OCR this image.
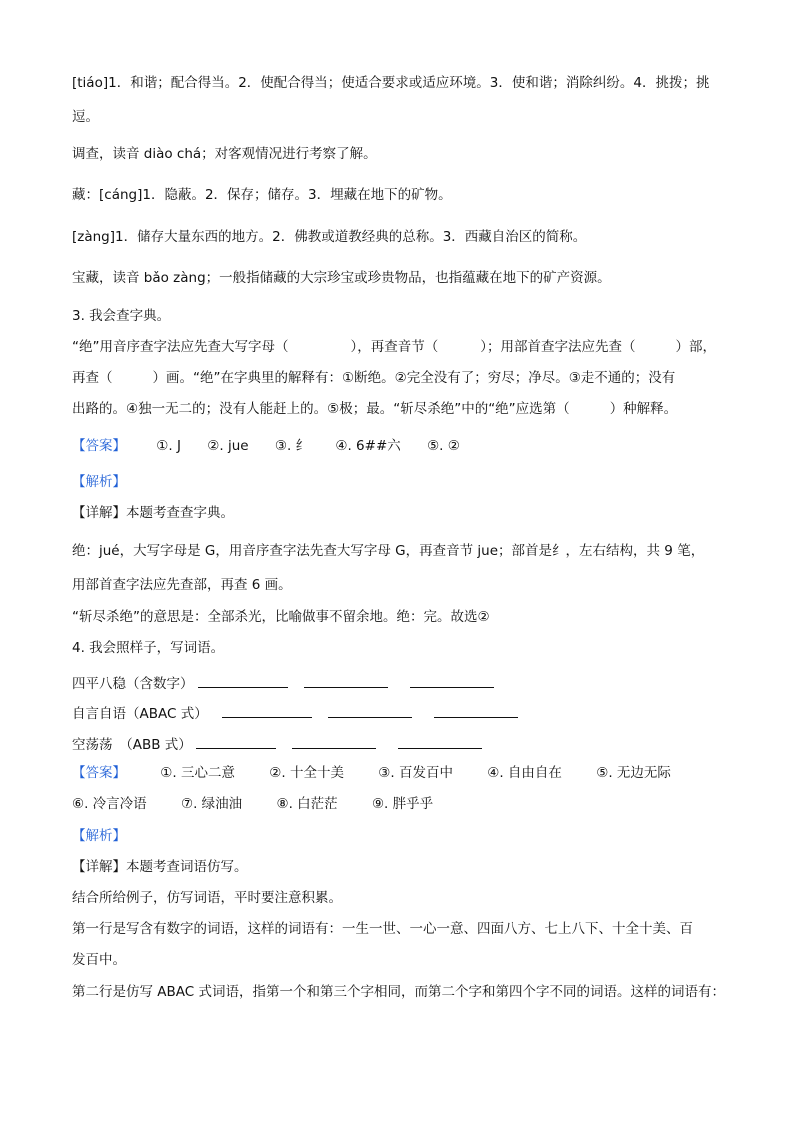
[tiáo]1．和谐；配合得当。2．使配合得当；使适合要求或适应环境。3．使和谐；消除纠纷。4．挑拨；挑
逗。
调查，读音 diào chá；对客观情况进行考察了解。
藏：[cáng]1．隐蔽。2．保存；储存。3．埋藏在地下的矿物。
[zàng]1．储存大量东西的地方。2．佛教或道教经典的总称。3．西藏自治区的简称。
宝藏，读音 bǎo zàng；一般指储藏的大宗珍宝或珍贵物品，也指蕴藏在地下的矿产资源。
3. 我会查字典。
“绝”用音序查字法应先查大写字母（	），再查音节（	）；用部首查字法应先查（	）部，
再查（	）画。“绝”在字典里的解释有：①断绝。②完全没有了；穷尽；净尽。③走不通的；没有
出路的。④独一无二的；没有人能赶上的。⑤极；最。“斩尽杀绝”中的“绝”应选第（	）种解释。
【答案】 ①. J ②. jue ③. 纟 ④. 6##六 ⑤. ②
【解析】
【详解】本题考查查字典。
绝：jué，大写字母是 G，用音序查字法先查大写字母 G，再查音节 jue；部首是纟，左右结构，共 9 笔，
用部首查字法应先查部，再查 6 画。
“斩尽杀绝”的意思是：全部杀光，比喻做事不留余地。绝：完。故选②
4. 我会照样子，写词语。
四平八稳（含数字）
自言自语（ABAC 式）
空荡荡　（ABB 式）
【答案】	①. 三心二意	②. 十全十美	③. 百发百中	④. 自由自在	⑤. 无边无际
⑥. 冷言冷语	⑦. 绿油油	⑧. 白茫茫	⑨. 胖乎乎
【解析】
【详解】本题考查词语仿写。
结合所给例子，仿写词语，平时要注意积累。
第一行是写含有数字的词语，这样的词语有：一生一世、一心一意、四面八方、七上八下、十全十美、百
发百中。
第二行是仿写 ABAC 式词语，指第一个和第三个字相同，而第二个字和第四个字不同的词语。这样的词语有：
